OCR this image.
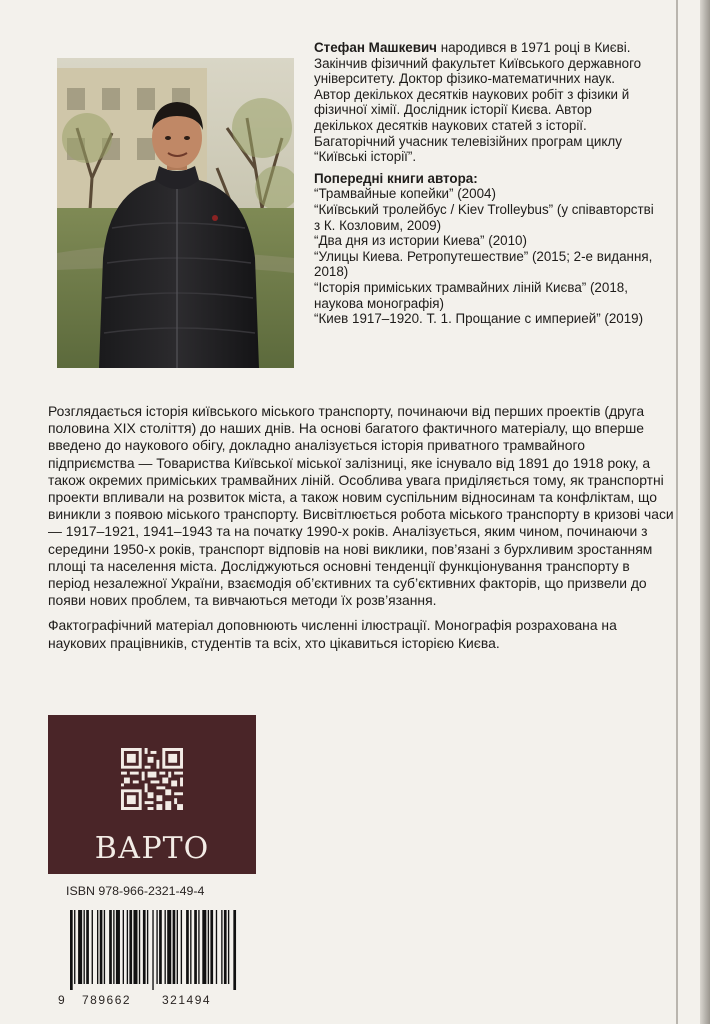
Стефан Машкевич народився в 1971 році в Києві. Закінчив фізичний факультет Київського державного університету. Доктор фізико-математичних наук. Автор декількох десятків наукових робіт з фізики й фізичної хімії. Дослідник історії Києва. Автор декількох десятків наукових статей з історії. Багаторічний учасник телевізійних програм циклу “Київські історії”.

Попередні книги автора:

“Трамвайные копейки” (2004)
“Київський тролейбус / Kiev Trolleybus” (у співавторстві з К. Козловим, 2009)
“Два дня из истории Киева” (2010)
“Улицы Киева. Ретропутешествие” (2015; 2-е видання, 2018)
“Історія приміських трамвайних ліній Києва” (2018, наукова монографія)
“Киев 1917–1920. Т. 1. Прощание с империей” (2019)

Розглядається історія київського міського транспорту, починаючи від перших проектів (друга половина XIX століття) до наших днів. На основі багатого фактичного матеріалу, що вперше введено до наукового обігу, докладно аналізується історія приватного трамвайного підприємства — Товариства Київської міської залізниці, яке існувало від 1891 до 1918 року, а також окремих приміських трамвайних ліній. Особлива увага приділяється тому, як транспортні проекти впливали на розвиток міста, а також новим суспільним відносинам та конфліктам, що виникли з появою міського транспорту. Висвітлюється робота міського транспорту в кризові часи — 1917–1921, 1941–1943 та на початку 1990-х років. Аналізується, яким чином, починаючи з середини 1950-х років, транспорт відповів на нові виклики, пов’язані з бурхливим зростанням площі та населення міста. Досліджуються основні тенденції функціонування транспорту в період незалежної України, взаємодія об’єктивних та суб’єктивних факторів, що призвели до появи нових проблем, та вивчаються методи їх розв’язання.

Фактографічний матеріал доповнюють численні ілюстрації. Монографія розрахована на наукових працівників, студентів та всіх, хто цікавиться історією Києва.

ВАРТО
ISBN 978-966-2321-49-4
9 789662	321494
